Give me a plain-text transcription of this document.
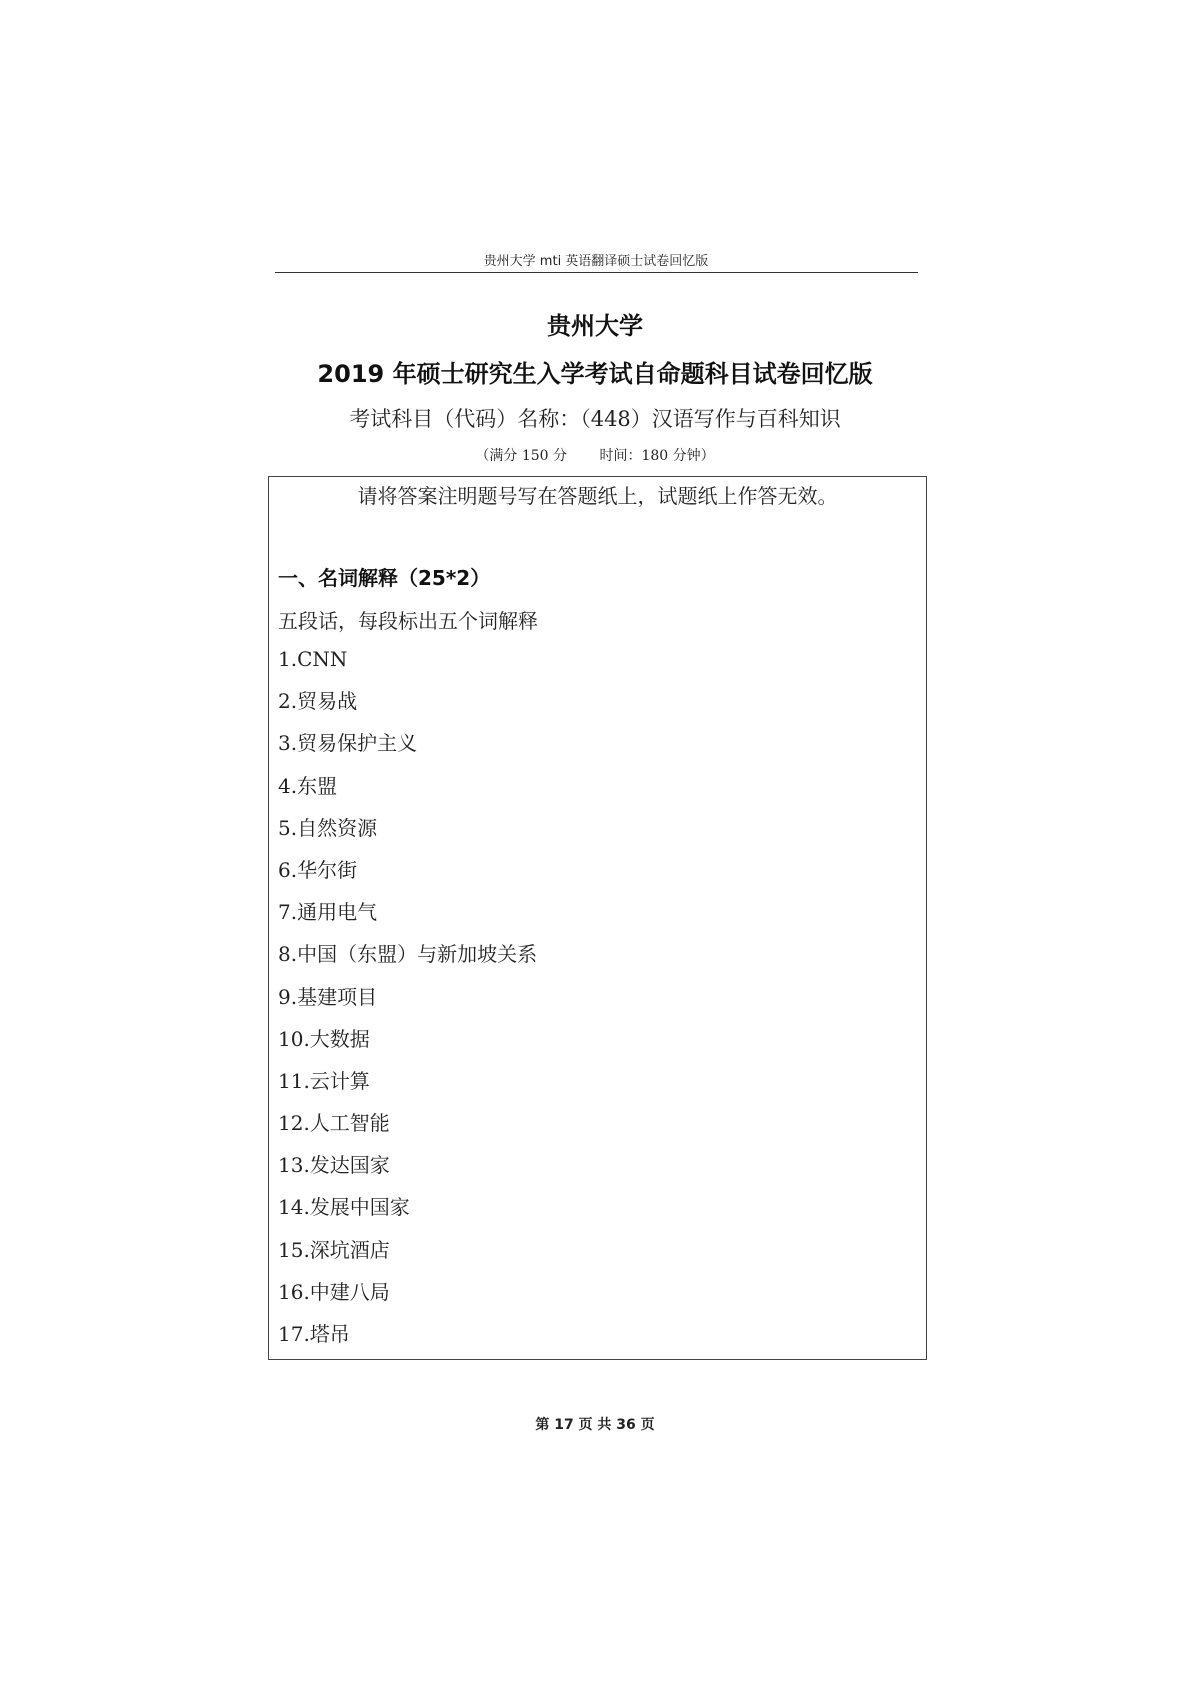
贵州大学 mti 英语翻译硕士试卷回忆版
贵州大学
2019 年硕士研究生入学考试自命题科目试卷回忆版
考试科目（代码）名称：（448）汉语写作与百科知识
（满分 150 分 时间：180 分钟）
请将答案注明题号写在答题纸上，试题纸上作答无效。
一、名词解释（25*2）
五段话，每段标出五个词解释
1.CNN
2.贸易战
3.贸易保护主义
4.东盟
5.自然资源
6.华尔街
7.通用电气
8.中国（东盟）与新加坡关系
9.基建项目
10.大数据
11.云计算
12.人工智能
13.发达国家
14.发展中国家
15.深坑酒店
16.中建八局
17.塔吊
第 17 页 共 36 页
